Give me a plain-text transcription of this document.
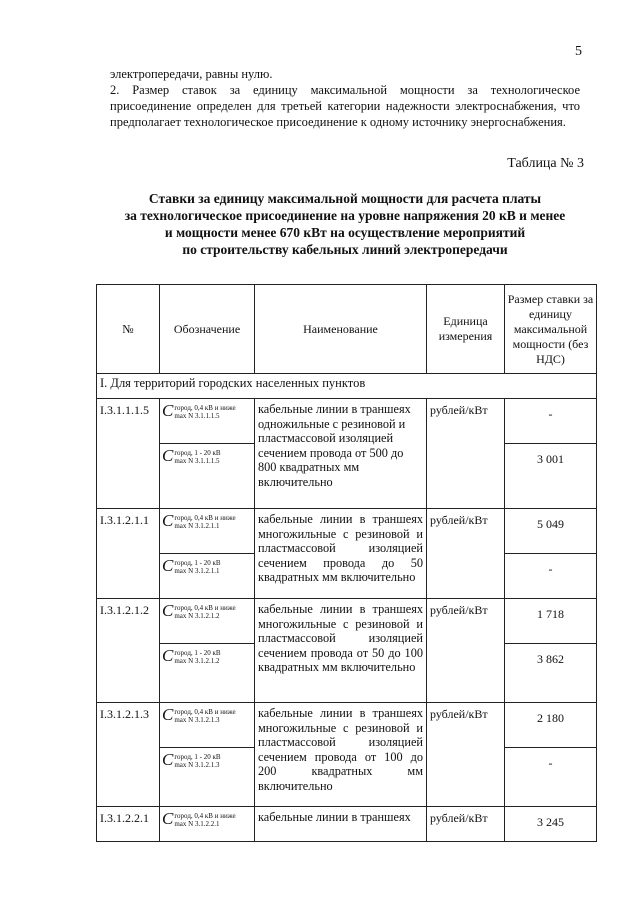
5

электропередачи, равны нулю.

2. Размер ставок за единицу максимальной мощности за технологическое присоединение определен для третьей категории надежности электроснабжения, что предполагает технологическое присоединение к одному источнику энергоснабжения.

Таблица № 3
Ставки за единицу максимальной мощности для расчета платы
за технологическое присоединение на уровне напряжения 20 кВ и менее
и мощности менее 670 кВт на осуществление мероприятий
по строительству кабельных линий электропередачи
№	Обозначение	Наименование	Единица измерения	Размер ставки за единицу максимальной мощности (без НДС)
I. Для территорий городских населенных пунктов				
I.3.1.1.1.5	C город, 0,4 кВ и ниже
max N 3.1.1.1.5	кабельные линии в траншеях одножильные с резиновой и пластмассовой изоляцией сечением провода от 500 до 800 квадратных мм включительно	рублей/кВт	-

	C город, 1 - 20 кВ
max N 3.1.1.1.5			3 001
I.3.1.2.1.1	C город, 0,4 кВ и ниже
max N 3.1.2.1.1	кабельные линии в траншеях многожильные с резиновой и пластмассовой изоляцией сечением провода до 50 квадратных мм включительно	рублей/кВт	5 049

	C город, 1 - 20 кВ
max N 3.1.2.1.1			-
I.3.1.2.1.2	C город, 0,4 кВ и ниже
max N 3.1.2.1.2	кабельные линии в траншеях многожильные с резиновой и пластмассовой изоляцией сечением провода от 50 до 100 квадратных мм включительно	рублей/кВт	1 718

	C город, 1 - 20 кВ
max N 3.1.2.1.2			3 862
I.3.1.2.1.3	C город, 0,4 кВ и ниже
max N 3.1.2.1.3	кабельные линии в траншеях многожильные с резиновой и пластмассовой изоляцией сечением провода от 100 до 200 квадратных мм включительно	рублей/кВт	2 180

	C город, 1 - 20 кВ
max N 3.1.2.1.3			-
I.3.1.2.2.1	C город, 0,4 кВ и ниже
max N 3.1.2.2.1	кабельные линии в траншеях	рублей/кВт	3 245
